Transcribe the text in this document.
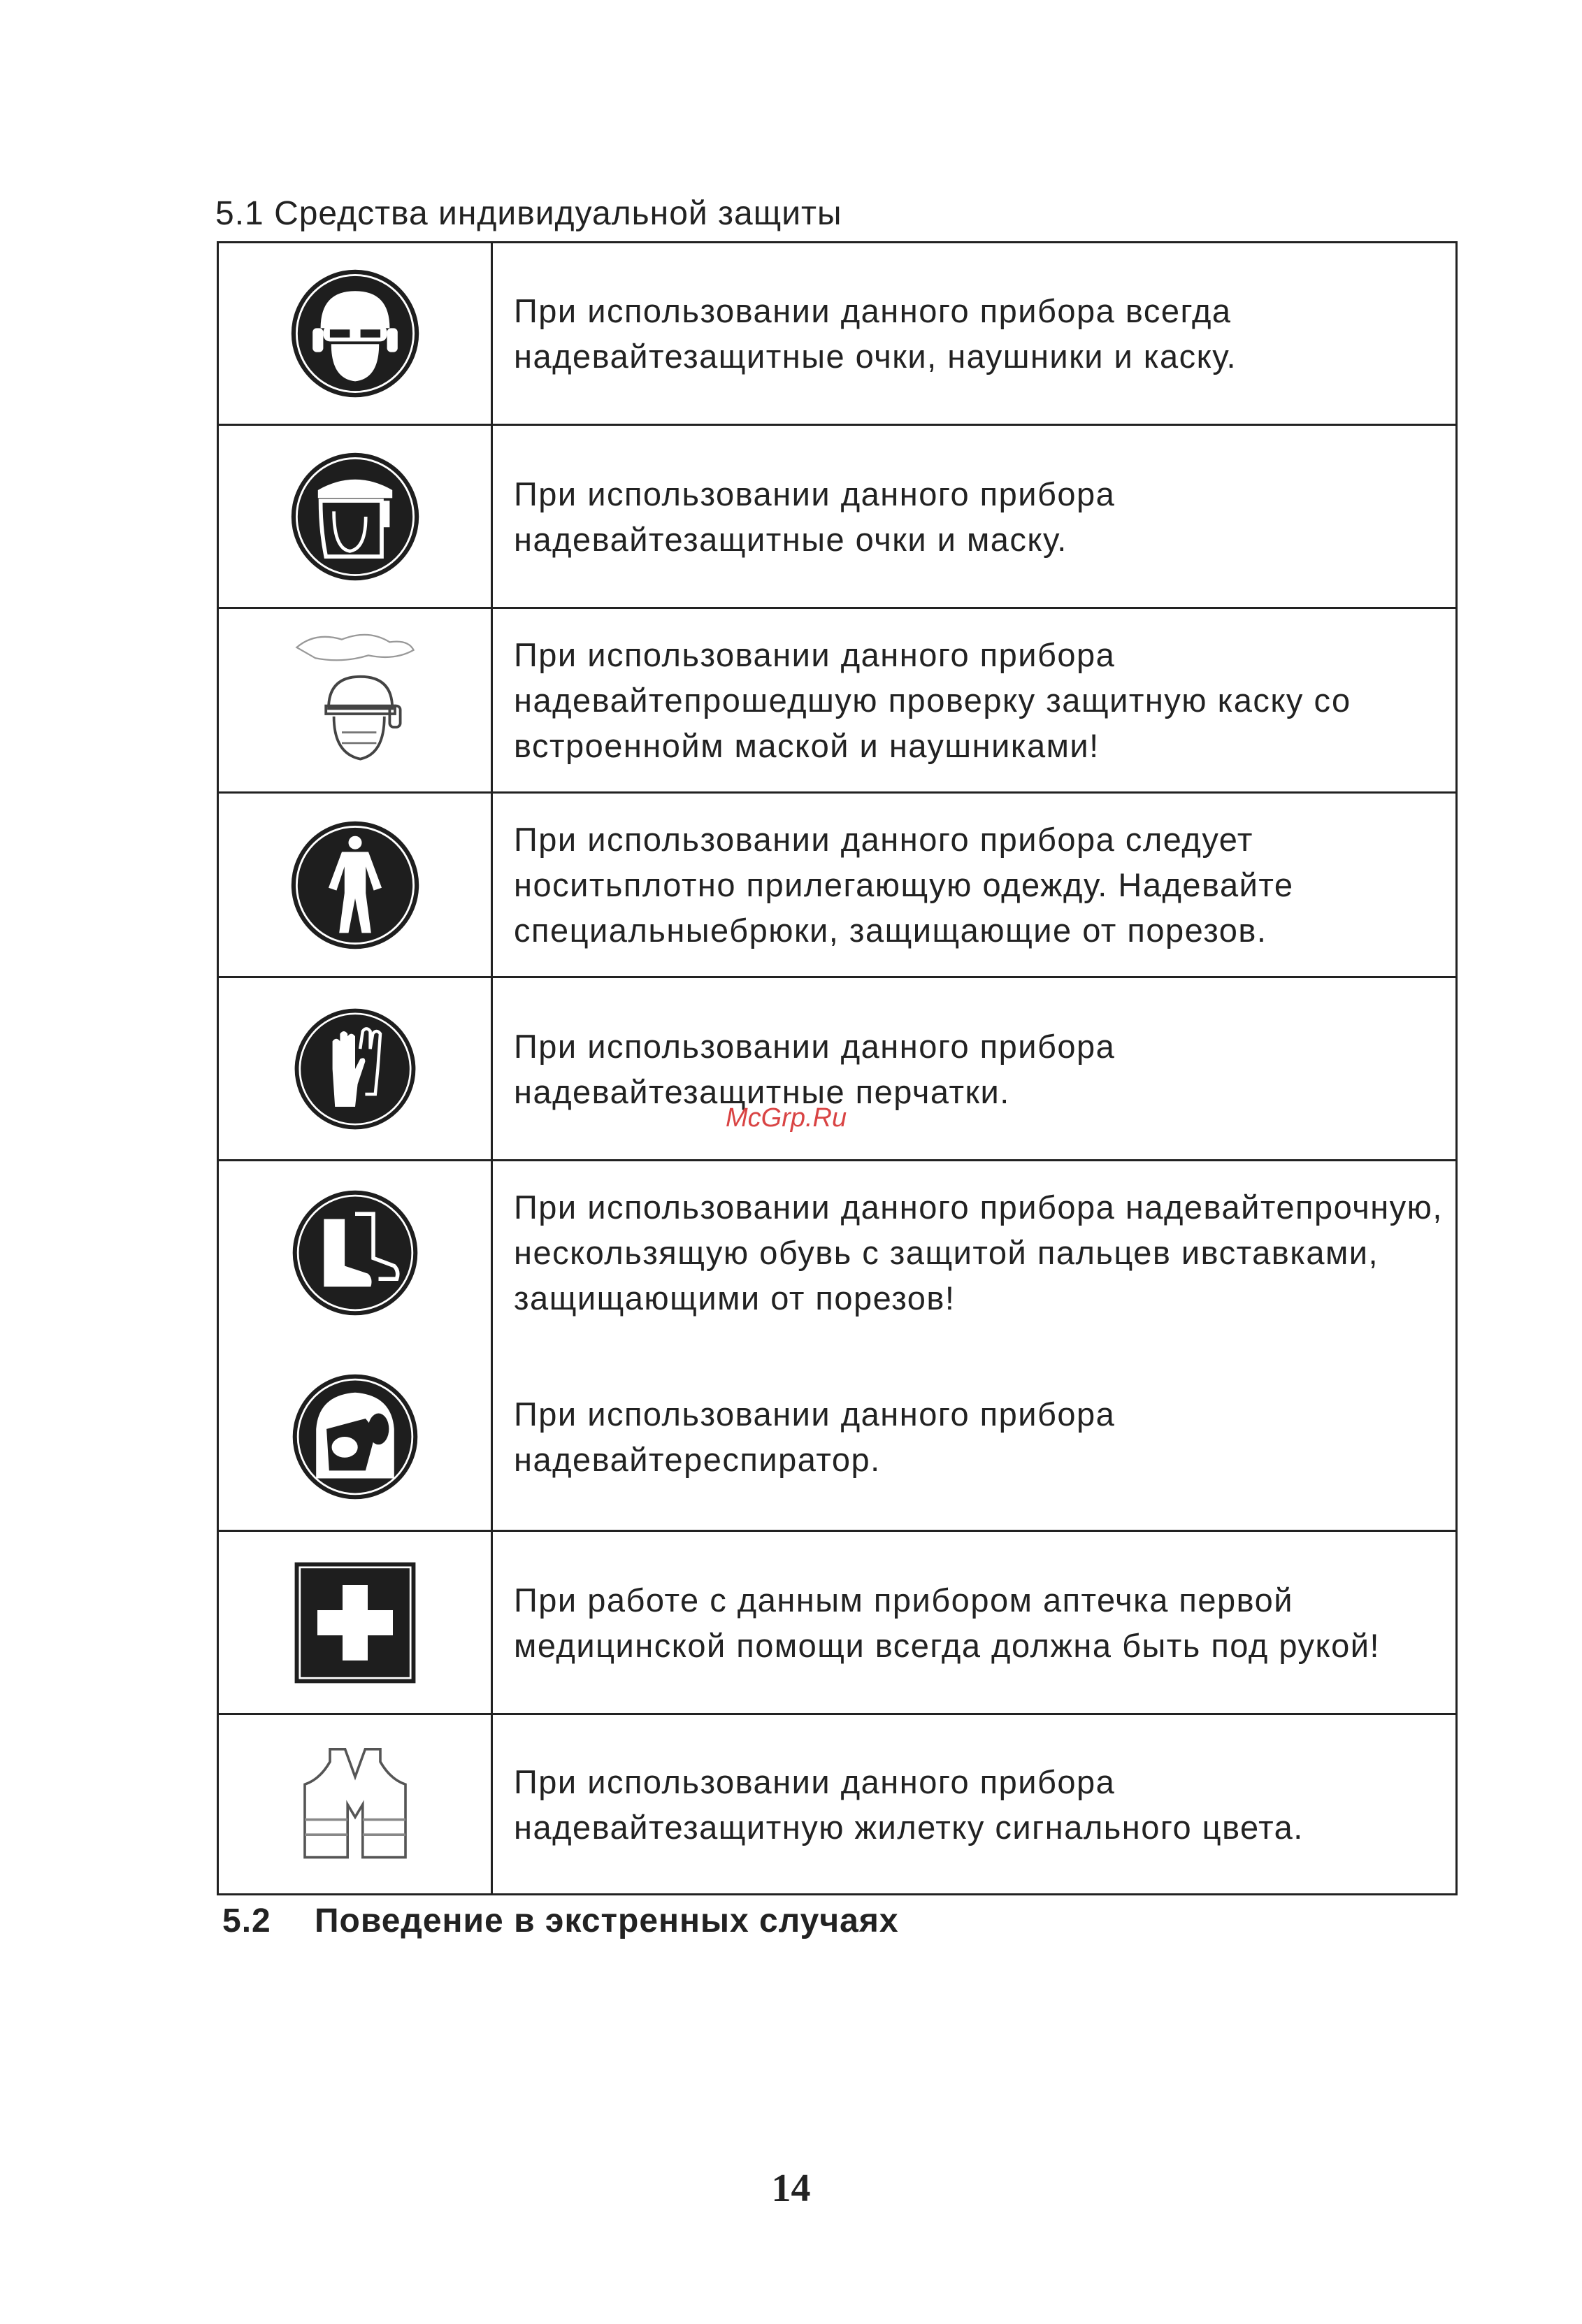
5.1 Средства индивидуальной защиты
При использовании данного прибора всегда надевайтезащитные очки, наушники и каску.
При использовании данного прибора надевайтезащитные очки и маску.
При использовании данного прибора надевайтепрошедшую проверку защитную каску со встроеннойм маской и наушниками!
При использовании данного прибора следует носитьплотно прилегающую одежду. Надевайте специальныебрюки, защищающие от порезов.
При использовании данного прибора надевайтезащитные перчатки.
При использовании данного прибора надевайтепрочную, нескользящую обувь с защитой пальцев ивставками, защищающими от порезов!
При использовании данного прибора надевайтереспиратор.
При работе с данным прибором аптечка первой медицинской помощи всегда должна быть под рукой!
При использовании данного прибора надевайтезащитную жилетку сигнального цвета.
5.2 Поведение в экстренных случаях
McGrp.Ru
14
